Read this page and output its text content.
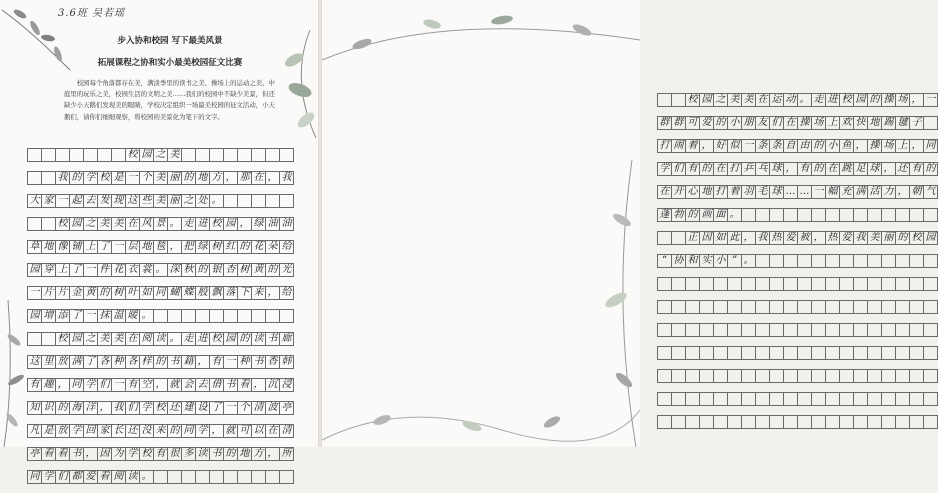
3.6班 吴若瑶
步入协和校园 写下最美风景
拓展课程之协和实小最美校园征文比赛
校园每个角落都存在美，满淡季里的读书之美、操场上的运动之美、中庭里的玩乐之美，校园生活的文明之美……我们的校园中不缺少美景，但还缺少小天鹅们发现美的眼睛，学校决定组织一场最美校园的征文活动，小天鹅们，请你们细细观察，将校园的美景化为笔下的文字。
校 园 之 美
我 的 学 校 是 一 个 美 丽 的 地 方 ， 那 在 ， 我
大 家 一 起 去 发 现 这 些 美 丽 之 处 。
校 园 之 美 美 在 风 景 。 走 进 校 园 ， 绿 油 油
草 地 像 铺 上 了 一 层 地 毯 ， 把 绿 树 红 的 花 朵 给
园 穿 上 了 一 件 花 衣 裳 。 深 秋 的 银 杏 树 黄 的 光
一 片 片 金 黄 的 树 叶 如 同 蝴 蝶 般 飘 落 下 来 ， 给
园 增 添 了 一 抹 温 暖 。
校 园 之 美 美 在 阅 读 。 走 进 校 园 的 读 书 廊
这 里 放 满 了 各 种 各 样 的 书 籍 ， 有 一 种 书 香 韩
有 趣 ， 同 学 们 一 有 空 ， 就 会 去 借 书 看 ， 沉 浸
知 识 的 海 洋 ， 我 们 学 校 还 建 设 了 一 个 清 波 亭
凡 是 放 学 回 家 长 还 没 来 的 同 学 ， 就 可 以 在 清
亭 看 看 书 ， 因 为 学 校 有 很 多 读 书 的 地 方 ， 所
同 学 们 都 爱 看 阅 读 。
校 园 之 美 美 在 运 动 。 走 进 校 园 的 操 场 ， 一
群 群 可 爱 的 小 朋 友 们 在 操 场 上 欢 快 地 踢 毽 子
打 闹 着 ， 好 似 一 条 条 自 由 的 小 鱼 ， 操 场 上 ， 同
学 们 有 的 在 打 乒 乓 球 ， 有 的 在 跳 足 球 ， 还 有 的
在 开 心 地 打 着 羽 毛 球 … … 一 幅 充 满 活 力 ， 朝 气
蓬 勃 的 画 面 。
正 因 如 此 ， 我 热 爱 被 ， 热 爱 我 美 丽 的 校 园
“ 协 和 实 小 ” 。
